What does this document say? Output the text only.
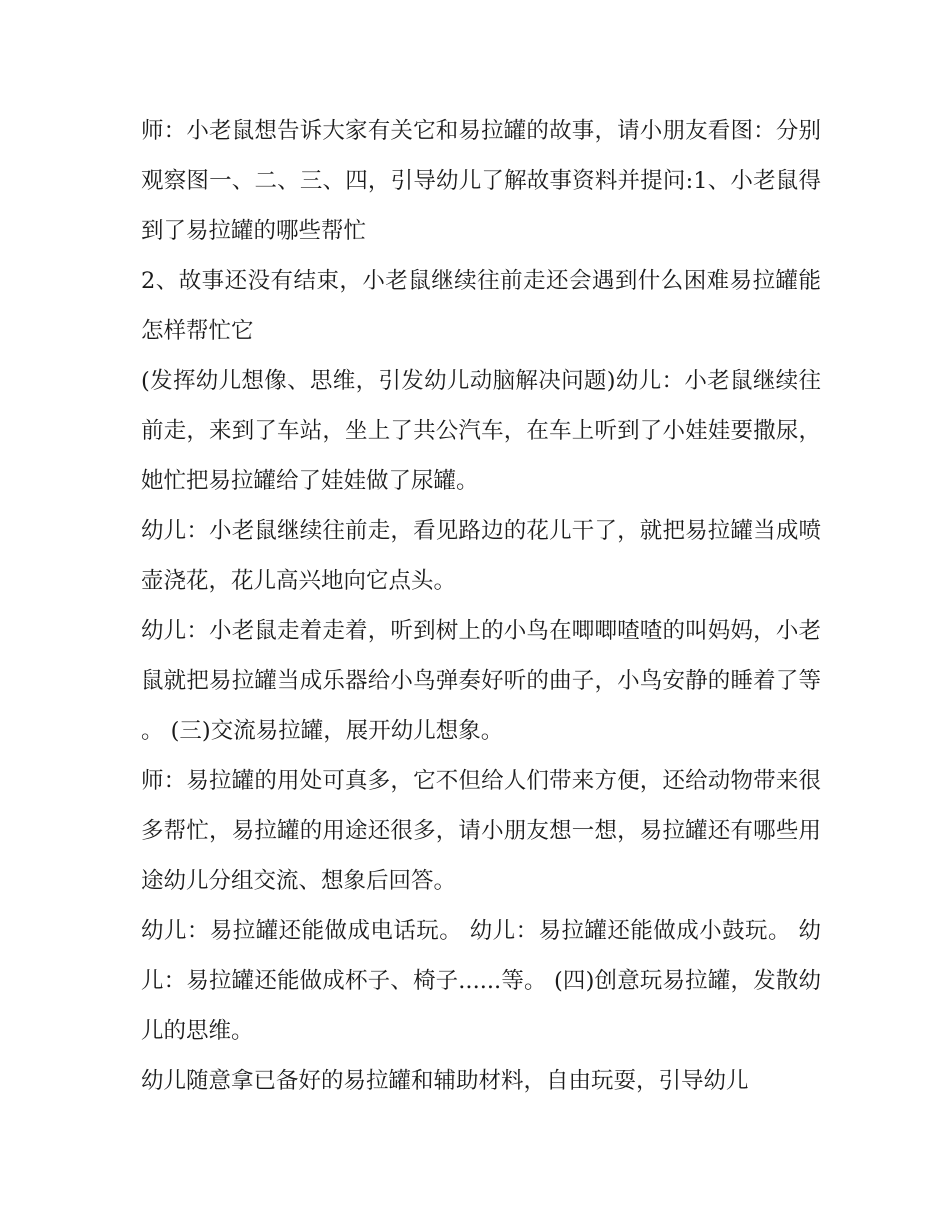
师：小老鼠想告诉大家有关它和易拉罐的故事，请小朋友看图：分别观察图一、二、三、四，引导幼儿了解故事资料并提问:1、小老鼠得到了易拉罐的哪些帮忙

2、故事还没有结束，小老鼠继续往前走还会遇到什么困难易拉罐能怎样帮忙它

(发挥幼儿想像、思维，引发幼儿动脑解决问题)幼儿：小老鼠继续往前走，来到了车站，坐上了共公汽车，在车上听到了小娃娃要撒尿，她忙把易拉罐给了娃娃做了尿罐。

幼儿：小老鼠继续往前走，看见路边的花儿干了，就把易拉罐当成喷壶浇花，花儿高兴地向它点头。

幼儿：小老鼠走着走着，听到树上的小鸟在唧唧喳喳的叫妈妈，小老鼠就把易拉罐当成乐器给小鸟弹奏好听的曲子，小鸟安静的睡着了等。 (三)交流易拉罐，展开幼儿想象。

师：易拉罐的用处可真多，它不但给人们带来方便，还给动物带来很多帮忙，易拉罐的用途还很多，请小朋友想一想，易拉罐还有哪些用途幼儿分组交流、想象后回答。

幼儿：易拉罐还能做成电话玩。 幼儿：易拉罐还能做成小鼓玩。 幼儿：易拉罐还能做成杯子、椅子......等。 (四)创意玩易拉罐，发散幼儿的思维。

幼儿随意拿已备好的易拉罐和辅助材料，自由玩耍，引导幼儿
